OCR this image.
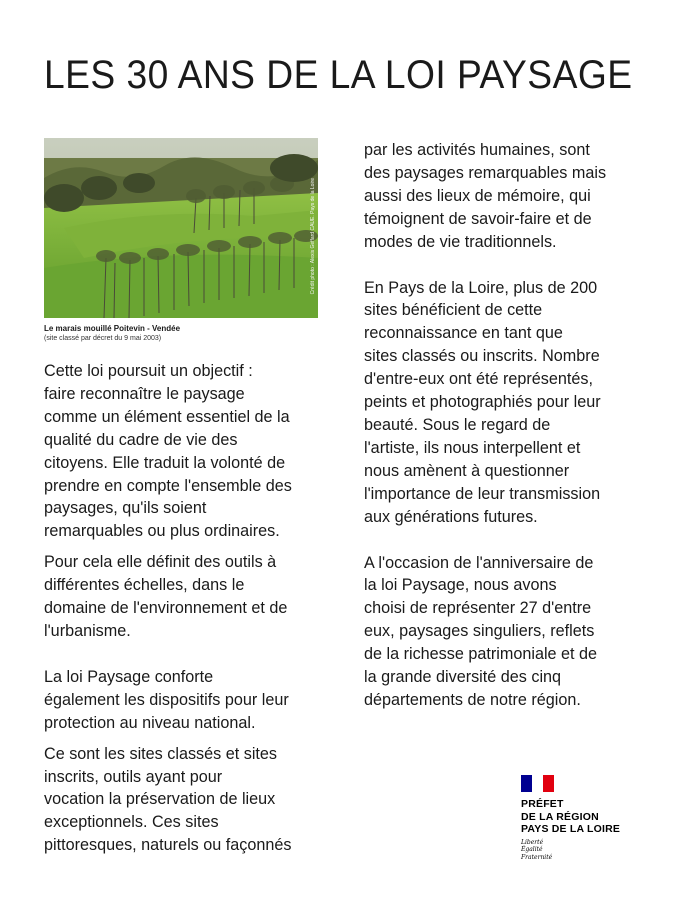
LES 30 ANS DE LA LOI PAYSAGE
Crédit photo : Alexis Geffard CAUE. Pays de la Loire
Le marais mouillé Poitevin - Vendée
(site classé par décret du 9 mai 2003)

Cette loi poursuit un objectif :
faire reconnaître le paysage
comme un élément essentiel de la
qualité du cadre de vie des
citoyens. Elle traduit la volonté de
prendre en compte l'ensemble des
paysages, qu'ils soient
remarquables ou plus ordinaires.

Pour cela elle définit des outils à
différentes échelles, dans le
domaine de l'environnement et de
l'urbanisme.

La loi Paysage conforte
également les dispositifs pour leur
protection au niveau national.

Ce sont les sites classés et sites
inscrits, outils ayant pour
vocation la préservation de lieux
exceptionnels. Ces sites
pittoresques, naturels ou façonnés

par les activités humaines, sont
des paysages remarquables mais
aussi des lieux de mémoire, qui
témoignent de savoir-faire et de
modes de vie traditionnels.

En Pays de la Loire, plus de 200
sites bénéficient de cette
reconnaissance en tant que
sites classés ou inscrits. Nombre
d'entre-eux ont été représentés,
peints et photographiés pour leur
beauté. Sous le regard de
l'artiste, ils nous interpellent et
nous amènent à questionner
l'importance de leur transmission
aux générations futures.

A l'occasion de l'anniversaire de
la loi Paysage, nous avons
choisi de représenter 27 d'entre
eux, paysages singuliers, reflets
de la richesse patrimoniale et de
la grande diversité des cinq
départements de notre région.

PRÉFET
DE LA RÉGION
PAYS DE LA LOIRE
Liberté
Égalité
Fraternité
